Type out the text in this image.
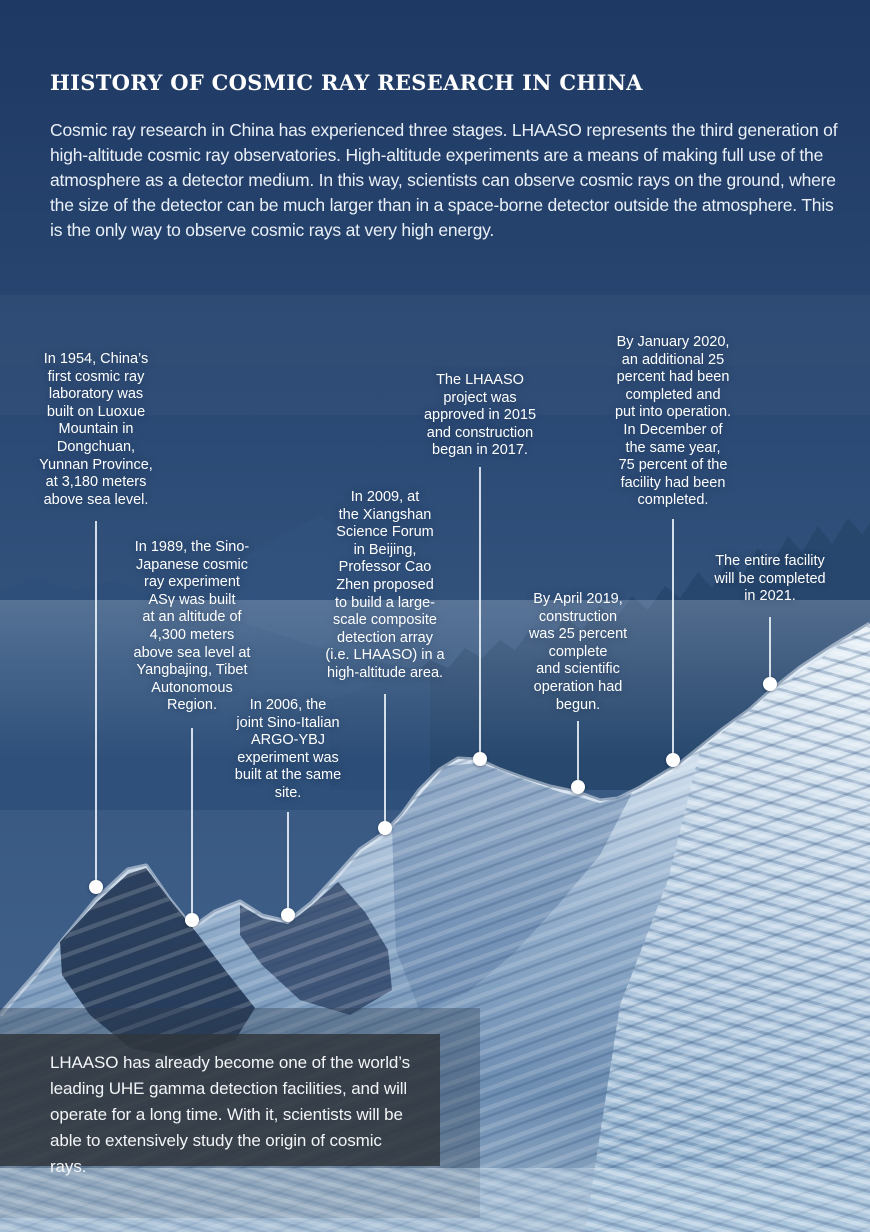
HISTORY OF COSMIC RAY RESEARCH IN CHINA

Cosmic ray research in China has experienced three stages. LHAASO represents the third generation of high-altitude cosmic ray observatories. High-altitude experiments are a means of making full use of the atmosphere as a detector medium. In this way, scientists can observe cosmic rays on the ground, where the size of the detector can be much larger than in a space-borne detector outside the atmosphere. This is the only way to observe cosmic rays at very high energy.

In 1954, China’s
first cosmic ray
laboratory was
built on Luoxue
Mountain in
Dongchuan,
Yunnan Province,
at 3,180 meters
above sea level.
In 1989, the Sino-
Japanese cosmic
ray experiment
ASγ was built
at an altitude of
4,300 meters
above sea level at
Yangbajing, Tibet
Autonomous
Region.	In 2006, the
joint Sino-Italian
ARGO-YBJ
experiment was
built at the same
site.
In 2009, at
the Xiangshan
Science Forum
in Beijing,
Professor Cao
Zhen proposed
to build a large-
scale composite
detection array
(i.e. LHAASO) in a
high-altitude area.
The LHAASO
project was
approved in 2015
and construction
began in 2017.
By April 2019,
construction
was 25 percent
complete
and scientific
operation had
begun.
By January 2020,
an additional 25
percent had been
completed and
put into operation.
In December of
the same year,
75 percent of the
facility had been
completed.
The entire facility
will be completed
in 2021.

LHAASO has already become one of the world’s leading UHE gamma detection facilities, and will operate for a long time. With it, scientists will be able to extensively study the origin of cosmic rays.
